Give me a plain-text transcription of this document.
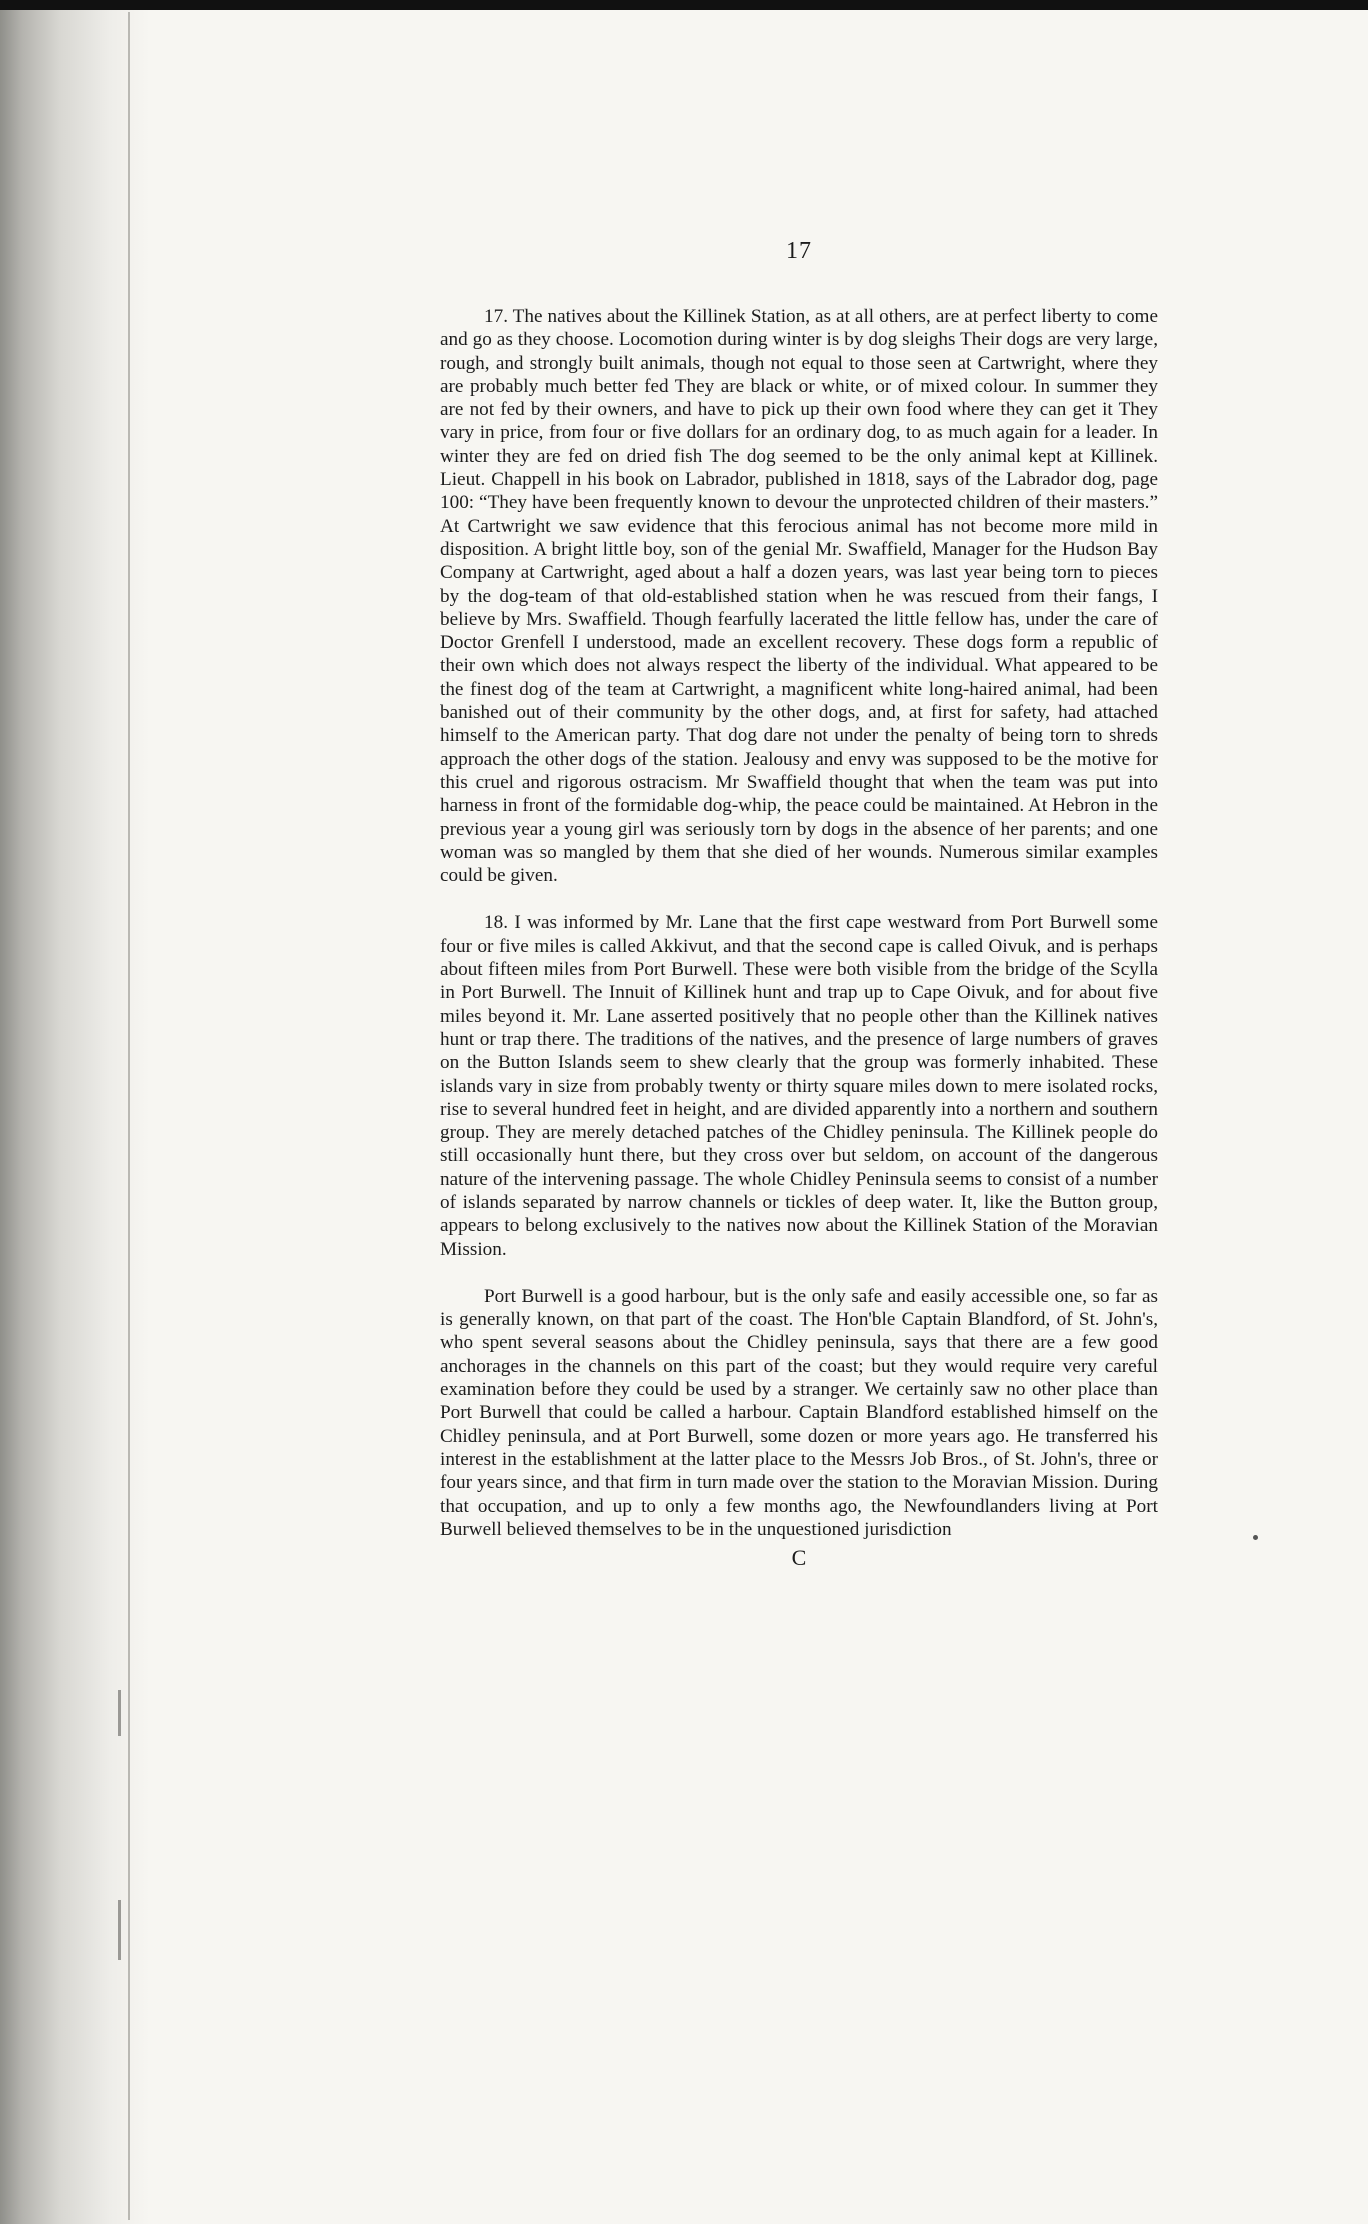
17

17. The natives about the Killinek Station, as at all others, are at perfect liberty to come and go as they choose. Locomotion during winter is by dog sleighs Their dogs are very large, rough, and strongly built animals, though not equal to those seen at Cartwright, where they are probably much better fed They are black or white, or of mixed colour. In summer they are not fed by their owners, and have to pick up their own food where they can get it They vary in price, from four or five dollars for an ordinary dog, to as much again for a leader. In winter they are fed on dried fish The dog seemed to be the only animal kept at Killinek. Lieut. Chappell in his book on Labrador, published in 1818, says of the Labrador dog, page 100: “They have been frequently known to devour the unprotected children of their masters.” At Cartwright we saw evidence that this ferocious animal has not become more mild in disposition. A bright little boy, son of the genial Mr. Swaffield, Manager for the Hudson Bay Company at Cartwright, aged about a half a dozen years, was last year being torn to pieces by the dog-team of that old-established station when he was rescued from their fangs, I believe by Mrs. Swaffield. Though fearfully lacerated the little fellow has, under the care of Doctor Grenfell I understood, made an excellent recovery. These dogs form a republic of their own which does not always respect the liberty of the individual. What appeared to be the finest dog of the team at Cartwright, a magnificent white long-haired animal, had been banished out of their community by the other dogs, and, at first for safety, had attached himself to the American party. That dog dare not under the penalty of being torn to shreds approach the other dogs of the station. Jealousy and envy was supposed to be the motive for this cruel and rigorous ostracism. Mr Swaffield thought that when the team was put into harness in front of the formidable dog-whip, the peace could be maintained. At Hebron in the previous year a young girl was seriously torn by dogs in the absence of her parents; and one woman was so mangled by them that she died of her wounds. Numerous similar examples could be given.

18. I was informed by Mr. Lane that the first cape westward from Port Burwell some four or five miles is called Akkivut, and that the second cape is called Oivuk, and is perhaps about fifteen miles from Port Burwell. These were both visible from the bridge of the Scylla in Port Burwell. The Innuit of Killinek hunt and trap up to Cape Oivuk, and for about five miles beyond it. Mr. Lane asserted positively that no people other than the Killinek natives hunt or trap there. The traditions of the natives, and the presence of large numbers of graves on the Button Islands seem to shew clearly that the group was formerly inhabited. These islands vary in size from probably twenty or thirty square miles down to mere isolated rocks, rise to several hundred feet in height, and are divided apparently into a northern and southern group. They are merely detached patches of the Chidley peninsula. The Killinek people do still occasionally hunt there, but they cross over but seldom, on account of the dangerous nature of the intervening passage. The whole Chidley Peninsula seems to consist of a number of islands separated by narrow channels or tickles of deep water. It, like the Button group, appears to belong exclusively to the natives now about the Killinek Station of the Moravian Mission.

Port Burwell is a good harbour, but is the only safe and easily accessible one, so far as is generally known, on that part of the coast. The Hon'ble Captain Blandford, of St. John's, who spent several seasons about the Chidley peninsula, says that there are a few good anchorages in the channels on this part of the coast; but they would require very careful examination before they could be used by a stranger. We certainly saw no other place than Port Burwell that could be called a harbour. Captain Blandford established himself on the Chidley peninsula, and at Port Burwell, some dozen or more years ago. He transferred his interest in the establishment at the latter place to the Messrs Job Bros., of St. John's, three or four years since, and that firm in turn made over the station to the Moravian Mission. During that occupation, and up to only a few months ago, the Newfoundlanders living at Port Burwell believed themselves to be in the unquestioned jurisdiction

C
